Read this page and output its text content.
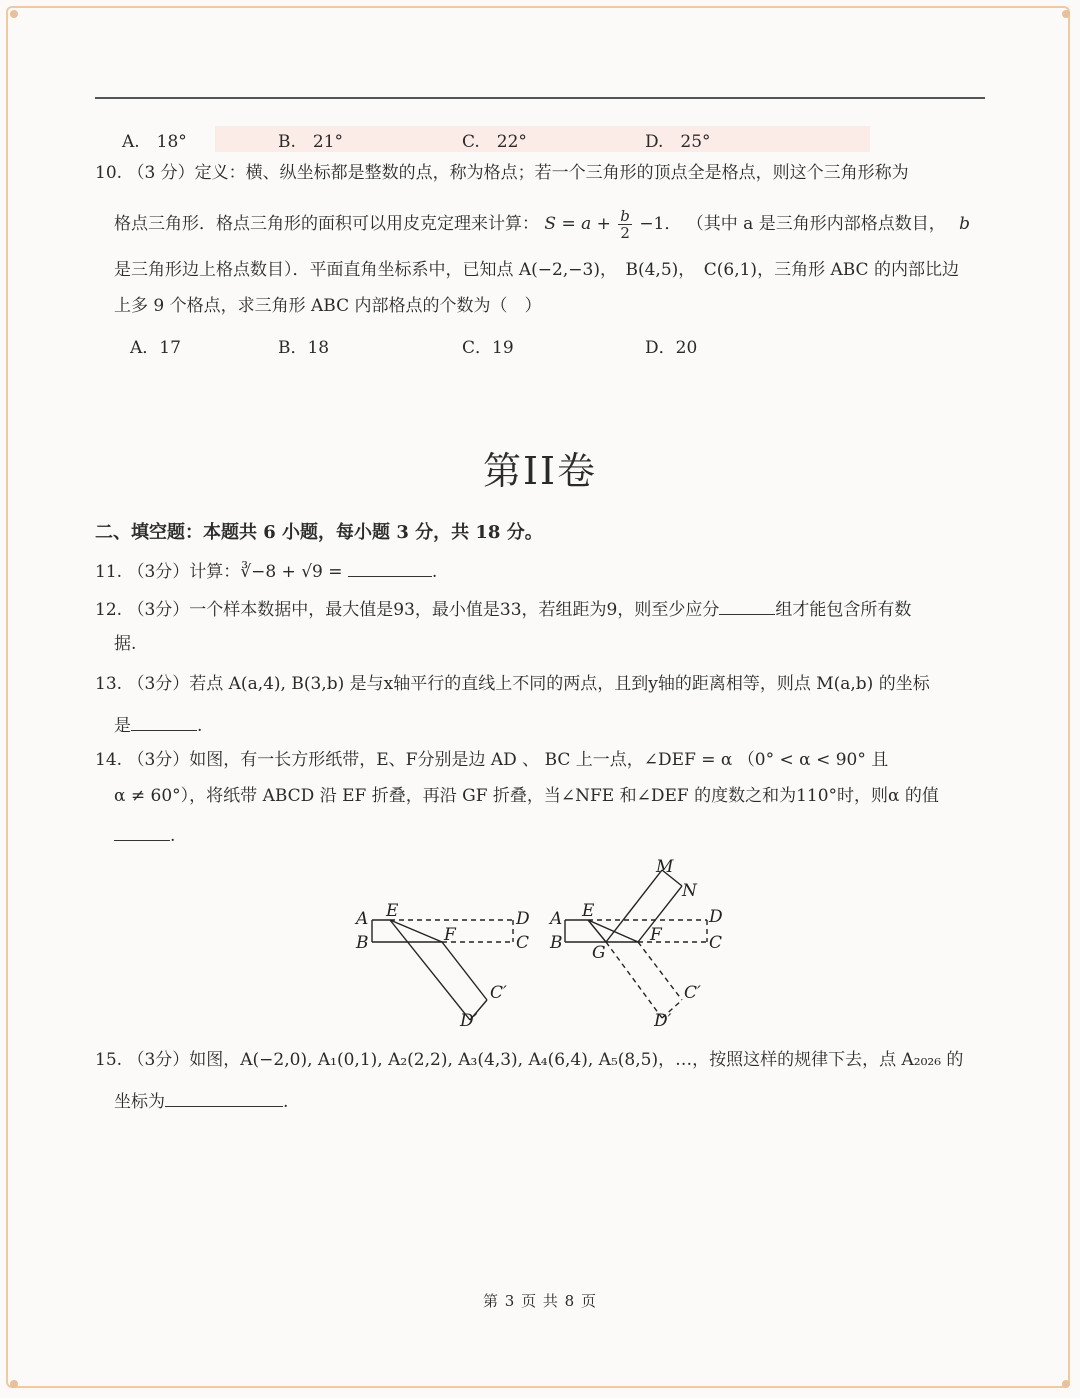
A.　18°	B.　21°	C.　22°	D.　25°
10. （3 分）定义：横、纵坐标都是整数的点，称为格点；若一个三角形的顶点全是格点，则这个三角形称为
格点三角形．格点三角形的面积可以用皮克定理来计算： $S = a + \frac{b}{2} -1$． （其中 a 是三角形内部格点数目， b
是三角形边上格点数目）．平面直角坐标系中，已知点 A(−2,−3)，　B(4,5)，　C(6,1)，三角形 ABC 的内部比边
上多 9 个格点，求三角形 ABC 内部格点的个数为（　）
A．17	B．18	C．19	D．20
第II卷
二、填空题：本题共 6 小题，每小题 3 分，共 18 分。
11. （3分）计算：∛−8 + √9 =	.
12. （3分）一个样本数据中，最大值是93，最小值是33，若组距为9，则至少应分	组才能包含所有数
据.
13. （3分）若点 A(a,4), B(3,b) 是与x轴平行的直线上不同的两点，且到y轴的距离相等，则点 M(a,b) 的坐标
是	.
14. （3分）如图，有一长方形纸带，E、F分别是边 AD 、 BC 上一点，∠DEF = α （0° < α < 90° 且
α ≠ 60°），将纸带 ABCD 沿 EF 折叠，再沿 GF 折叠，当∠NFE 和∠DEF 的度数之和为110°时，则α 的值
.
A
B
E
F
D
C
C′
D′
A
B
E
F
G
D
C
M
N
C′
D′
15. （3分）如图，A(−2,0), A₁(0,1), A₂(2,2), A₃(4,3), A₄(6,4), A₅(8,5)，…，按照这样的规律下去，点 A₂₀₂₆ 的
坐标为	.
第 3 页 共 8 页
